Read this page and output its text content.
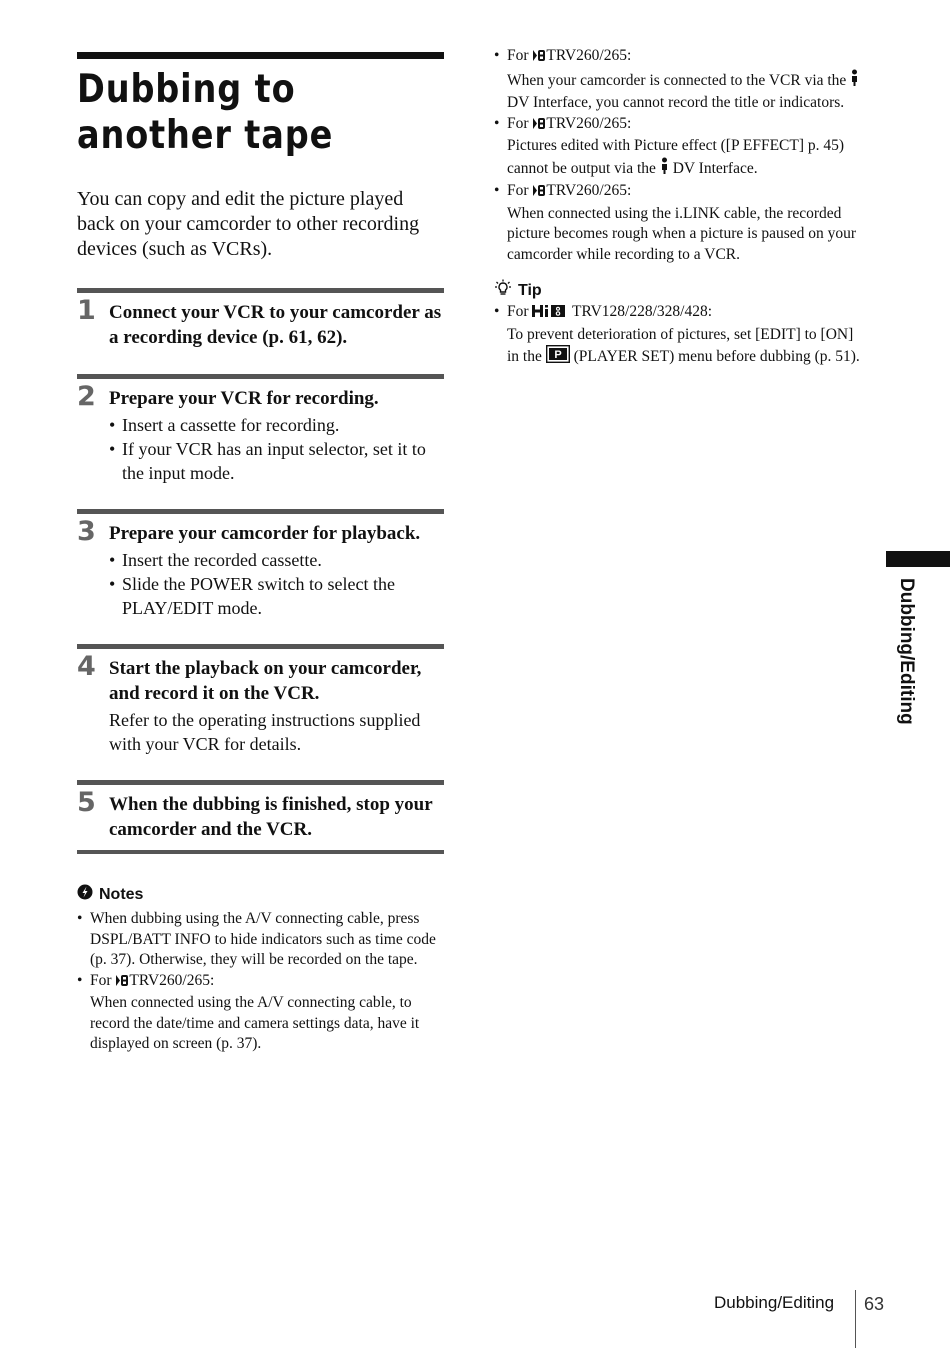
Dubbing to another tape
You can copy and edit the picture played back on your camcorder to other recording devices (such as VCRs).
1 Connect your VCR to your camcorder as a recording device (p. 61, 62).
2 Prepare your VCR for recording.
• Insert a cassette for recording.
• If your VCR has an input selector, set it to the input mode.
3 Prepare your camcorder for playback.
• Insert the recorded cassette.
• Slide the POWER switch to select the PLAY/EDIT mode.
4 Start the playback on your camcorder, and record it on the VCR.
Refer to the operating instructions supplied with your VCR for details.
5 When the dubbing is finished, stop your camcorder and the VCR.
Notes
• When dubbing using the A/V connecting cable, press DSPL/BATT INFO to hide indicators such as time code (p. 37). Otherwise, they will be recorded on the tape.
• For TRV260/265:
When connected using the A/V connecting cable, to record the date/time and camera settings data, have it displayed on screen (p. 37).
• For TRV260/265:
When your camcorder is connected to the VCR via the  DV Interface, you cannot record the title or indicators.
• For TRV260/265:
Pictures edited with Picture effect ([P EFFECT] p. 45) cannot be output via the DV Interface.
• For TRV260/265:
When connected using the i.LINK cable, the recorded picture becomes rough when a picture is paused on your camcorder while recording to a VCR.
Tip
• For	TRV128/228/328/428:
To prevent deterioration of pictures, set [EDIT] to [ON] in the P (PLAYER SET) menu before dubbing (p. 51).
Dubbing/Editing
Dubbing/Editing 63
